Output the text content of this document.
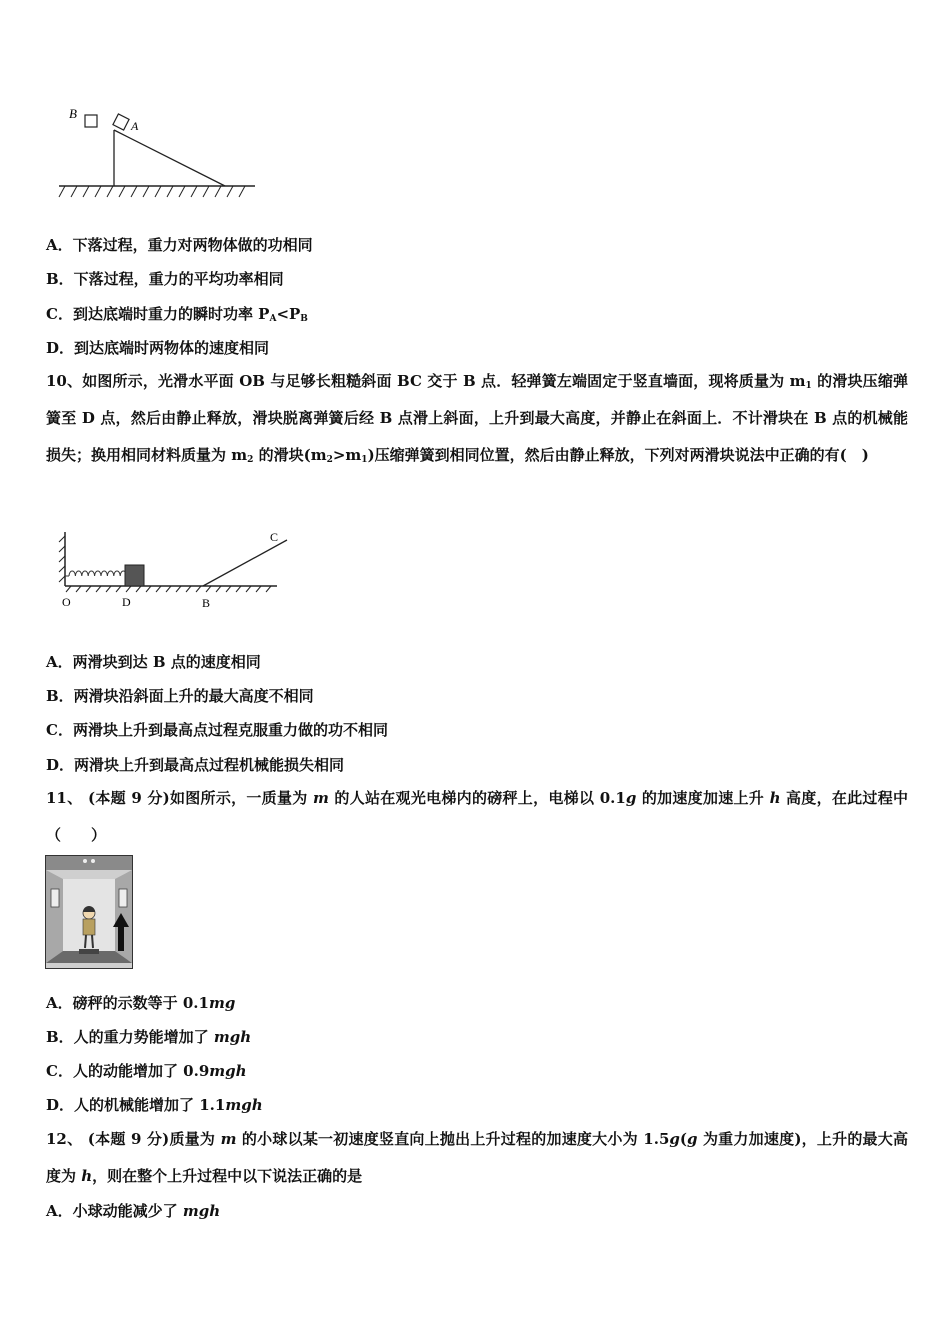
B
A
A．下落过程，重力对两物体做的功相同
B．下落过程，重力的平均功率相同
C．到达底端时重力的瞬时功率 $P_A<P_B$
D．到达底端时两物体的速度相同
10、如图所示，光滑水平面 OB 与足够长粗糙斜面 BC 交于 B 点．轻弹簧左端固定于竖直墙面，现将质量为 $m_1$ 的滑块压缩弹簧至 D 点，然后由静止释放，滑块脱离弹簧后经 B 点滑上斜面，上升到最大高度，并静止在斜面上．不计滑块在 B 点的机械能损失；换用相同材料质量为 $m_2$ 的滑块$(m_2>m_1)$压缩弹簧到相同位置，然后由静止释放，下列对两滑块说法中正确的有(　)
O	D	B
C
A．两滑块到达 B 点的速度相同
B．两滑块沿斜面上升的最大高度不相同
C．两滑块上升到最高点过程克服重力做的功不相同
D．两滑块上升到最高点过程机械能损失相同
11、 (本题 9 分)如图所示，一质量为 m 的人站在观光电梯内的磅秤上，电梯以 0.1g 的加速度加速上升 h 高度，在此过程中（　　）
A．磅秤的示数等于 0.1mg
B．人的重力势能增加了 mgh
C．人的动能增加了 0.9mgh
D．人的机械能增加了 1.1mgh
12、 (本题 9 分)质量为 m 的小球以某一初速度竖直向上抛出上升过程的加速度大小为 1.5g(g 为重力加速度)，上升的最大高度为 h，则在整个上升过程中以下说法正确的是
A．小球动能减少了 mgh
